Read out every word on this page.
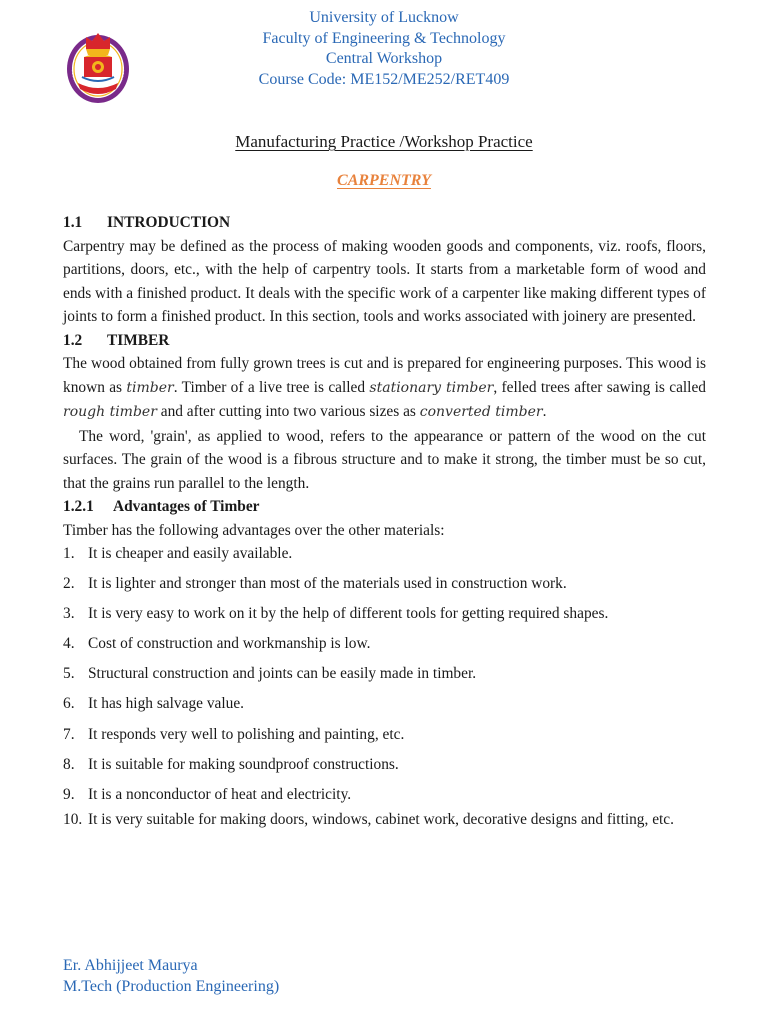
University of Lucknow
Faculty of Engineering & Technology
Central Workshop
Course Code: ME152/ME252/RET409
Manufacturing Practice /Workshop Practice
CARPENTRY

1.1 INTRODUCTION

Carpentry may be defined as the process of making wooden goods and components, viz. roofs, floors, partitions, doors, etc., with the help of carpentry tools. It starts from a marketable form of wood and ends with a finished product. It deals with the specific work of a carpenter like making different types of joints to form a finished product. In this section, tools and works associated with joinery are presented.

1.2 TIMBER

The wood obtained from fully grown trees is cut and is prepared for engineering purposes. This wood is known as timber. Timber of a live tree is called stationary timber, felled trees after sawing is called rough timber and after cutting into two various sizes as converted timber.

The word, 'grain', as applied to wood, refers to the appearance or pattern of the wood on the cut surfaces. The grain of the wood is a fibrous structure and to make it strong, the timber must be so cut, that the grains run parallel to the length.

1.2.1 Advantages of Timber

Timber has the following advantages over the other materials:

1. It is cheaper and easily available.
2. It is lighter and stronger than most of the materials used in construction work.
3. It is very easy to work on it by the help of different tools for getting required shapes.
4. Cost of construction and workmanship is low.
5. Structural construction and joints can be easily made in timber.
6. It has high salvage value.
7. It responds very well to polishing and painting, etc.
8. It is suitable for making soundproof constructions.
9. It is a nonconductor of heat and electricity.
10. It is very suitable for making doors, windows, cabinet work, decorative designs and fitting, etc.
Er. Abhijjeet Maurya
M.Tech (Production Engineering)
